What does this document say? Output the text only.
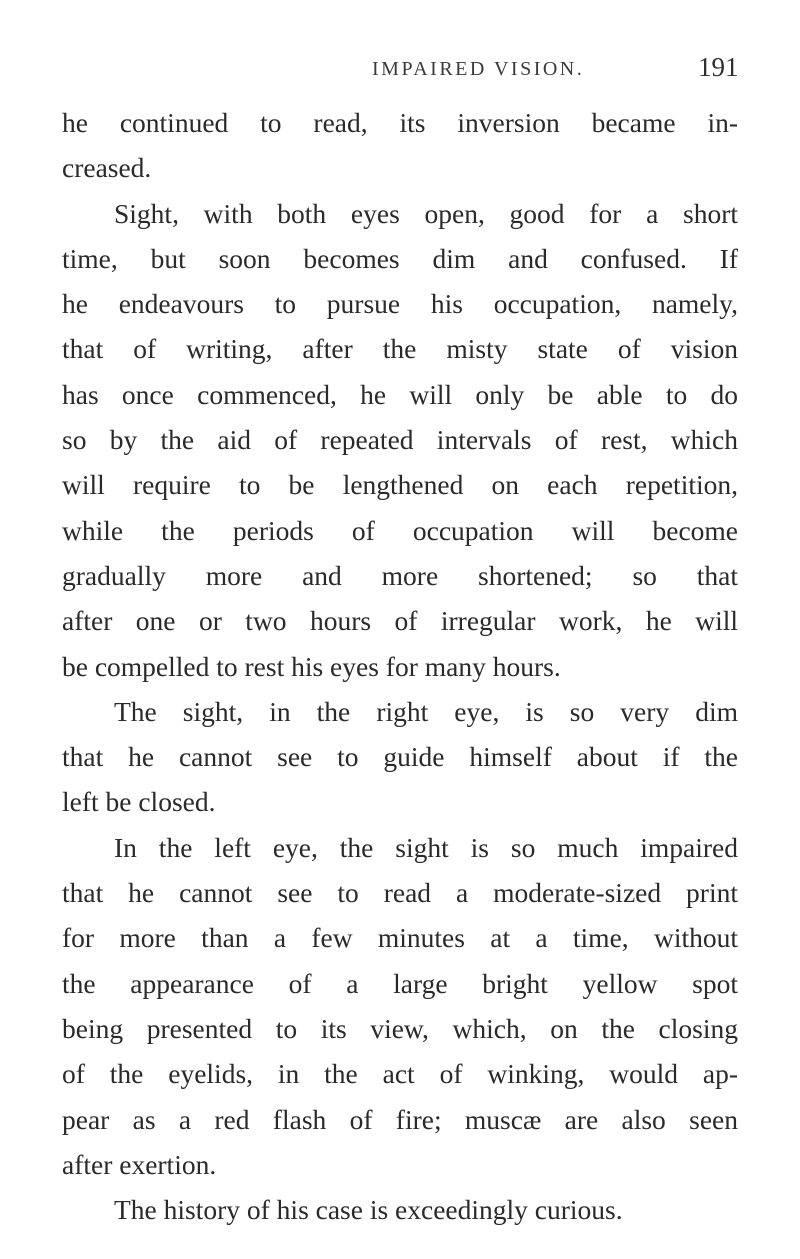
IMPAIRED VISION.	191
he continued to read, its inversion became in-
creased.
Sight, with both eyes open, good for a short
time, but soon becomes dim and confused. If
he endeavours to pursue his occupation, namely,
that of writing, after the misty state of vision
has once commenced, he will only be able to do
so by the aid of repeated intervals of rest, which
will require to be lengthened on each repetition,
while the periods of occupation will become
gradually more and more shortened; so that
after one or two hours of irregular work, he will
be compelled to rest his eyes for many hours.
The sight, in the right eye, is so very dim
that he cannot see to guide himself about if the
left be closed.
In the left eye, the sight is so much impaired
that he cannot see to read a moderate-sized print
for more than a few minutes at a time, without
the appearance of a large bright yellow spot
being presented to its view, which, on the closing
of the eyelids, in the act of winking, would ap-
pear as a red flash of fire; muscæ are also seen
after exertion.
The history of his case is exceedingly curious.
